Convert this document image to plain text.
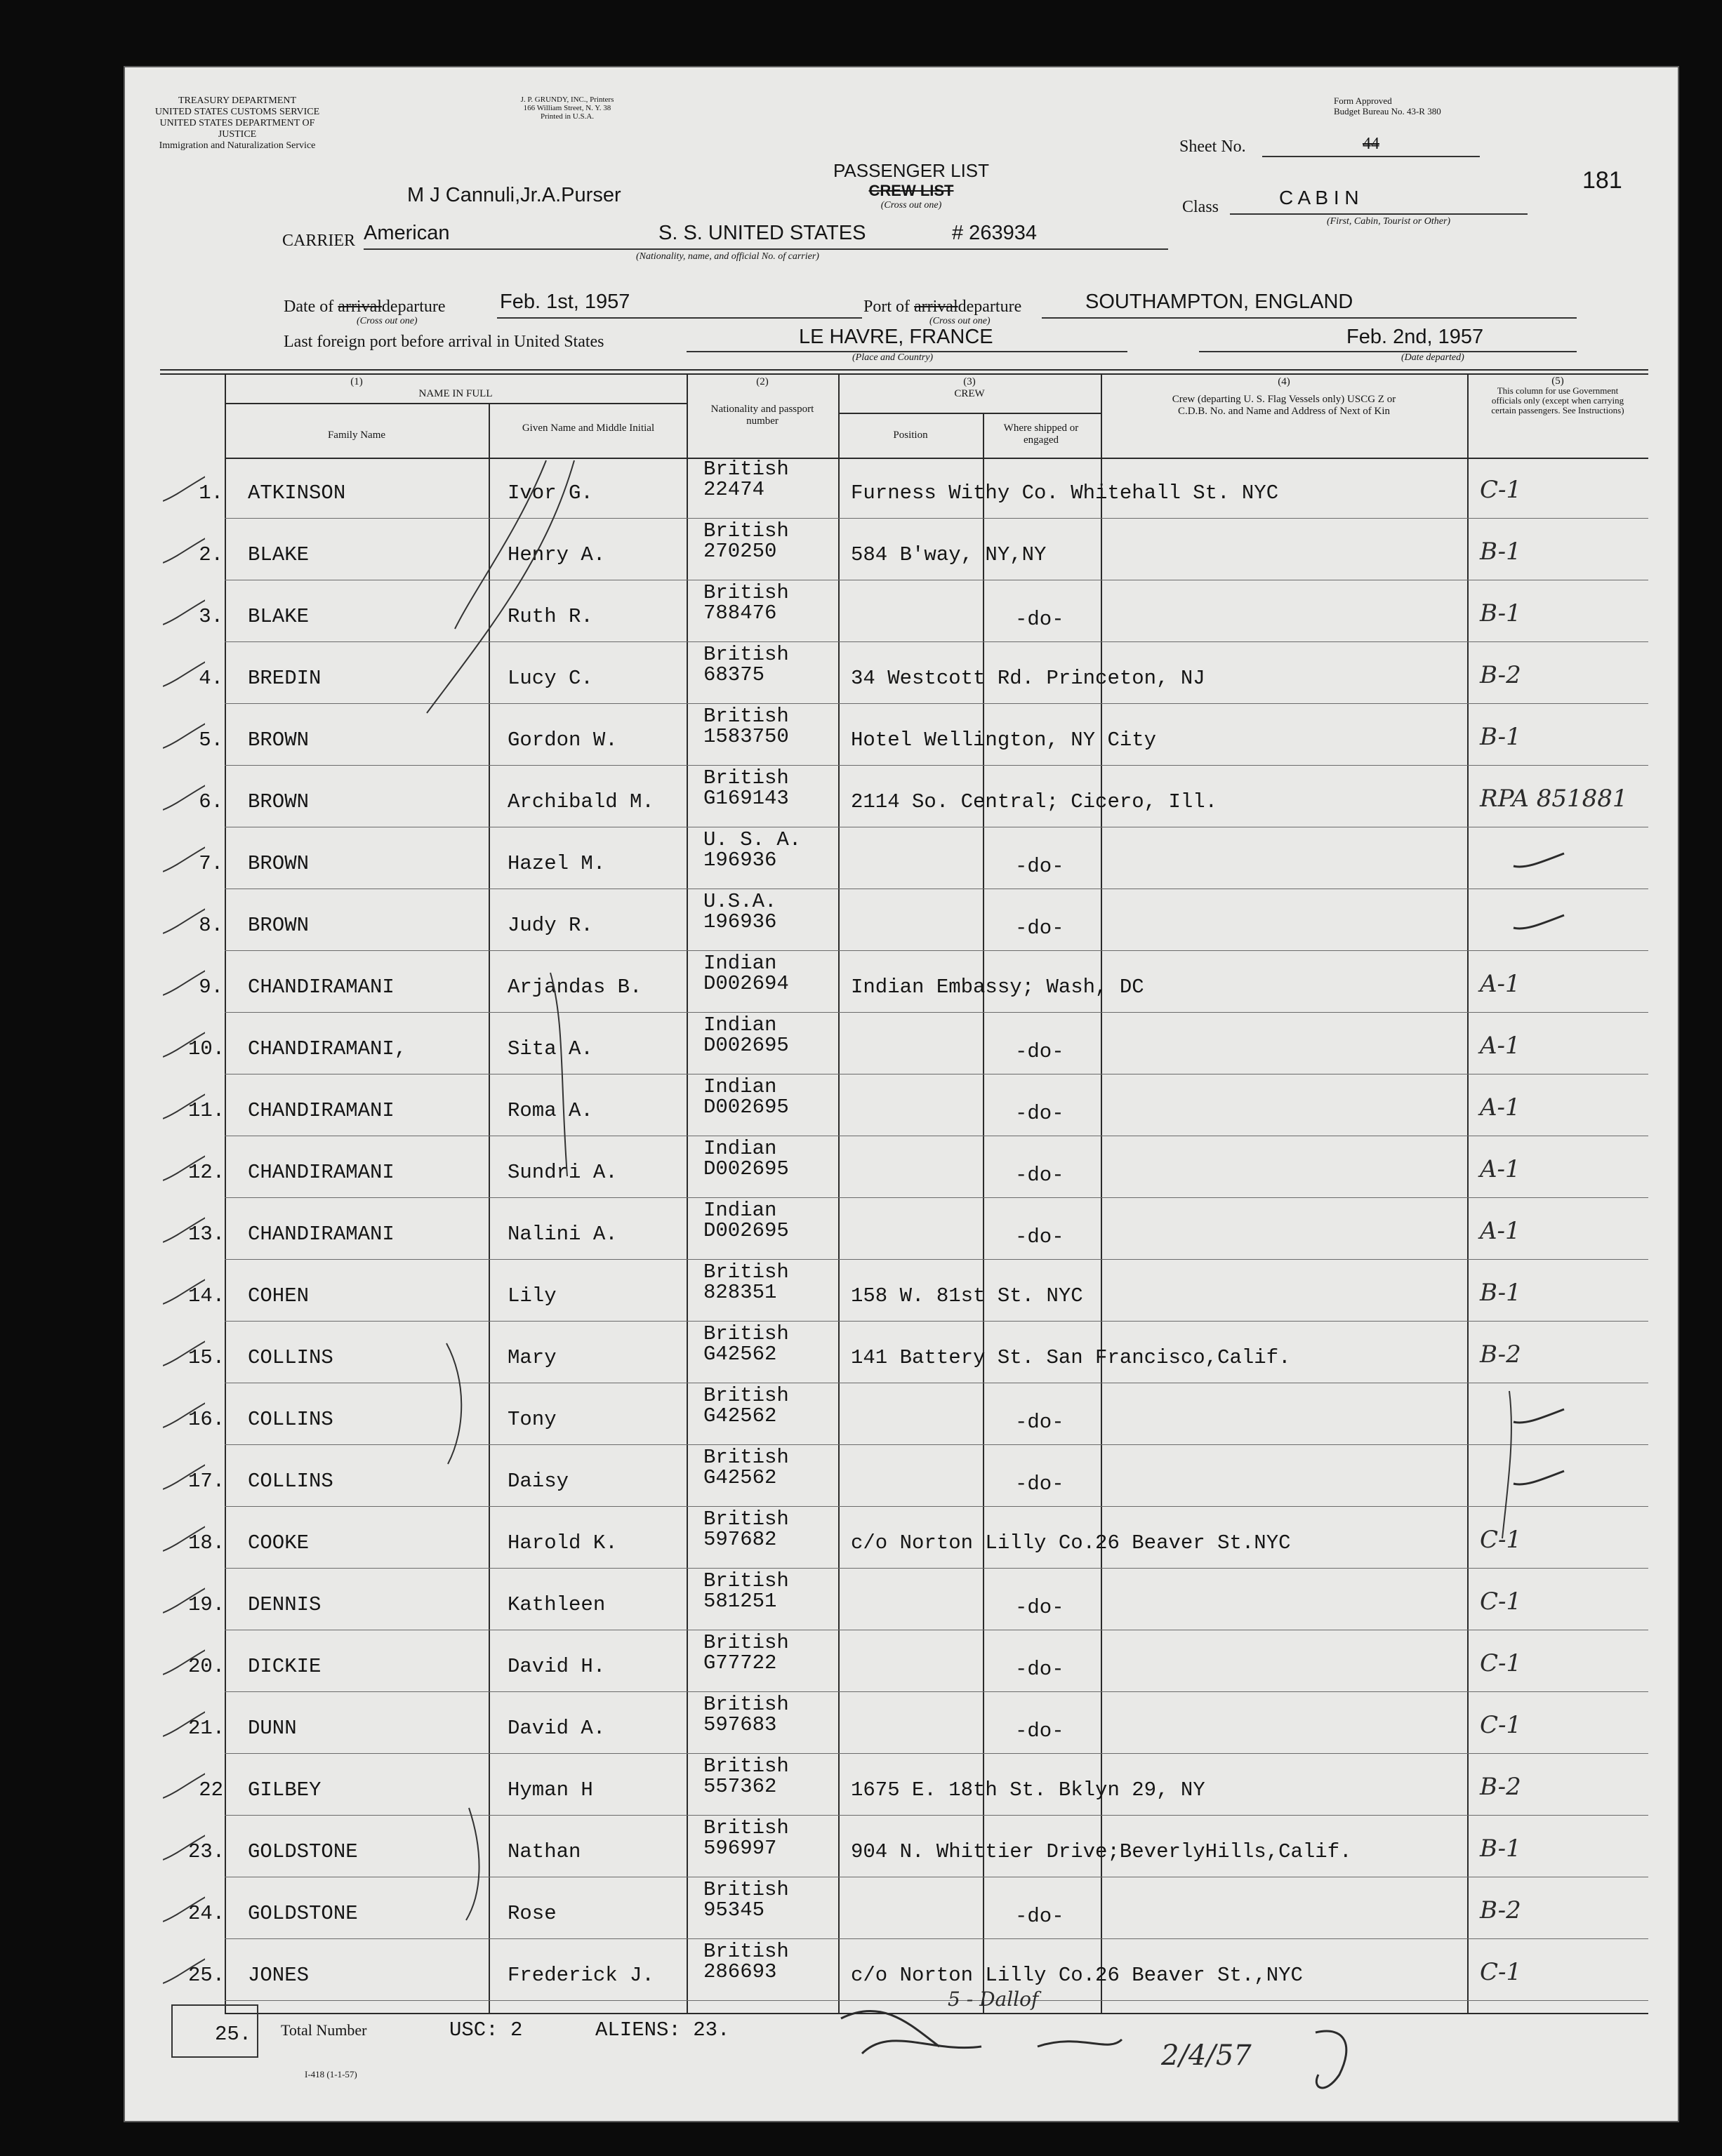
TREASURY DEPARTMENT
UNITED STATES CUSTOMS SERVICE
UNITED STATES DEPARTMENT OF JUSTICE
Immigration and Naturalization Service
J. P. GRUNDY, INC., Printers
166 William Street, N. Y. 38
Printed in U.S.A.
Form Approved
Budget Bureau No. 43-R 380
PASSENGER LIST
CREW LIST
(Cross out one)
Sheet No.	44
181
M J Cannuli,Jr.A.Purser
Class	C A B I N
(First, Cabin, Tourist or Other)
CARRIER American	S. S. UNITED STATES	# 263934
(Nationality, name, and official No. of carrier)
Date of arrivaldeparture
(Cross out one)
Feb. 1st, 1957	Port of arrivaldeparture
(Cross out one)
SOUTHAMPTON, ENGLAND
Last foreign port before arrival in United States	LE HAVRE, FRANCE
(Place and Country)
Feb. 2nd, 1957
(Date departed)
(1)
NAME IN FULL
Family Name
Given Name and Middle Initial
(2)
Nationality and passport number
(3)
CREW
Position
Where shipped or engaged
(4)
Crew (departing U. S. Flag Vessels only) USCG Z or C.D.B. No. and Name and Address of Next of Kin
(5)
This column for use Government officials only (except when carrying certain passengers. See Instructions)
1. ATKINSON	Ivor G.
British
22474	Furness Withy Co. Whitehall St. NYC	C-1
2. BLAKE	Henry A.
British
270250	584 B'way, NY,NY	B-1
3. BLAKE	Ruth R.
British
788476	-do-	B-1
4. BREDIN	Lucy C.
British
68375	34 Westcott Rd. Princeton, NJ	B-2
5. BROWN	Gordon W.
British
1583750	Hotel Wellington, NY City	B-1
6. BROWN	Archibald M.
British
G169143	2114 So. Central; Cicero, Ill.	RPA 851881
7. BROWN	Hazel M.
U. S. A.
196936	-do-
8. BROWN	Judy R.
U.S.A.
196936	-do-
9. CHANDIRAMANI	Arjandas B.
Indian
D002694	Indian Embassy; Wash, DC	A-1
10. CHANDIRAMANI,	Sita A.
Indian
D002695	-do-	A-1
11. CHANDIRAMANI	Roma A.
Indian
D002695	-do-	A-1
12. CHANDIRAMANI	Sundri A.
Indian
D002695	-do-	A-1
13. CHANDIRAMANI	Nalini A.
Indian
D002695	-do-	A-1
14. COHEN	Lily
British
828351	158 W. 81st St. NYC	B-1
15. COLLINS	Mary
British
G42562	141 Battery St. San Francisco,Calif.	B-2
16. COLLINS	Tony
British
G42562	-do-
17. COLLINS	Daisy
British
G42562	-do-
18. COOKE	Harold K.
British
597682	c/o Norton Lilly Co.26 Beaver St.NYC	C-1
19. DENNIS	Kathleen
British
581251	-do-	C-1
20. DICKIE	David H.
British
G77722	-do-	C-1
21. DUNN	David A.
British
597683	-do-	C-1
22 GILBEY	Hyman H
British
557362	1675 E. 18th St. Bklyn 29, NY	B-2
23. GOLDSTONE	Nathan
British
596997	904 N. Whittier Drive;BeverlyHills,Calif.	B-1
24. GOLDSTONE	Rose
British
95345	-do-	B-2
25. JONES	Frederick J.
British
286693	c/o Norton Lilly Co.26 Beaver St.,NYC	C-1
25. Total Number	USC: 2	ALIENS: 23.
5 - Dallof
2/4/57
I-418 (1-1-57)
